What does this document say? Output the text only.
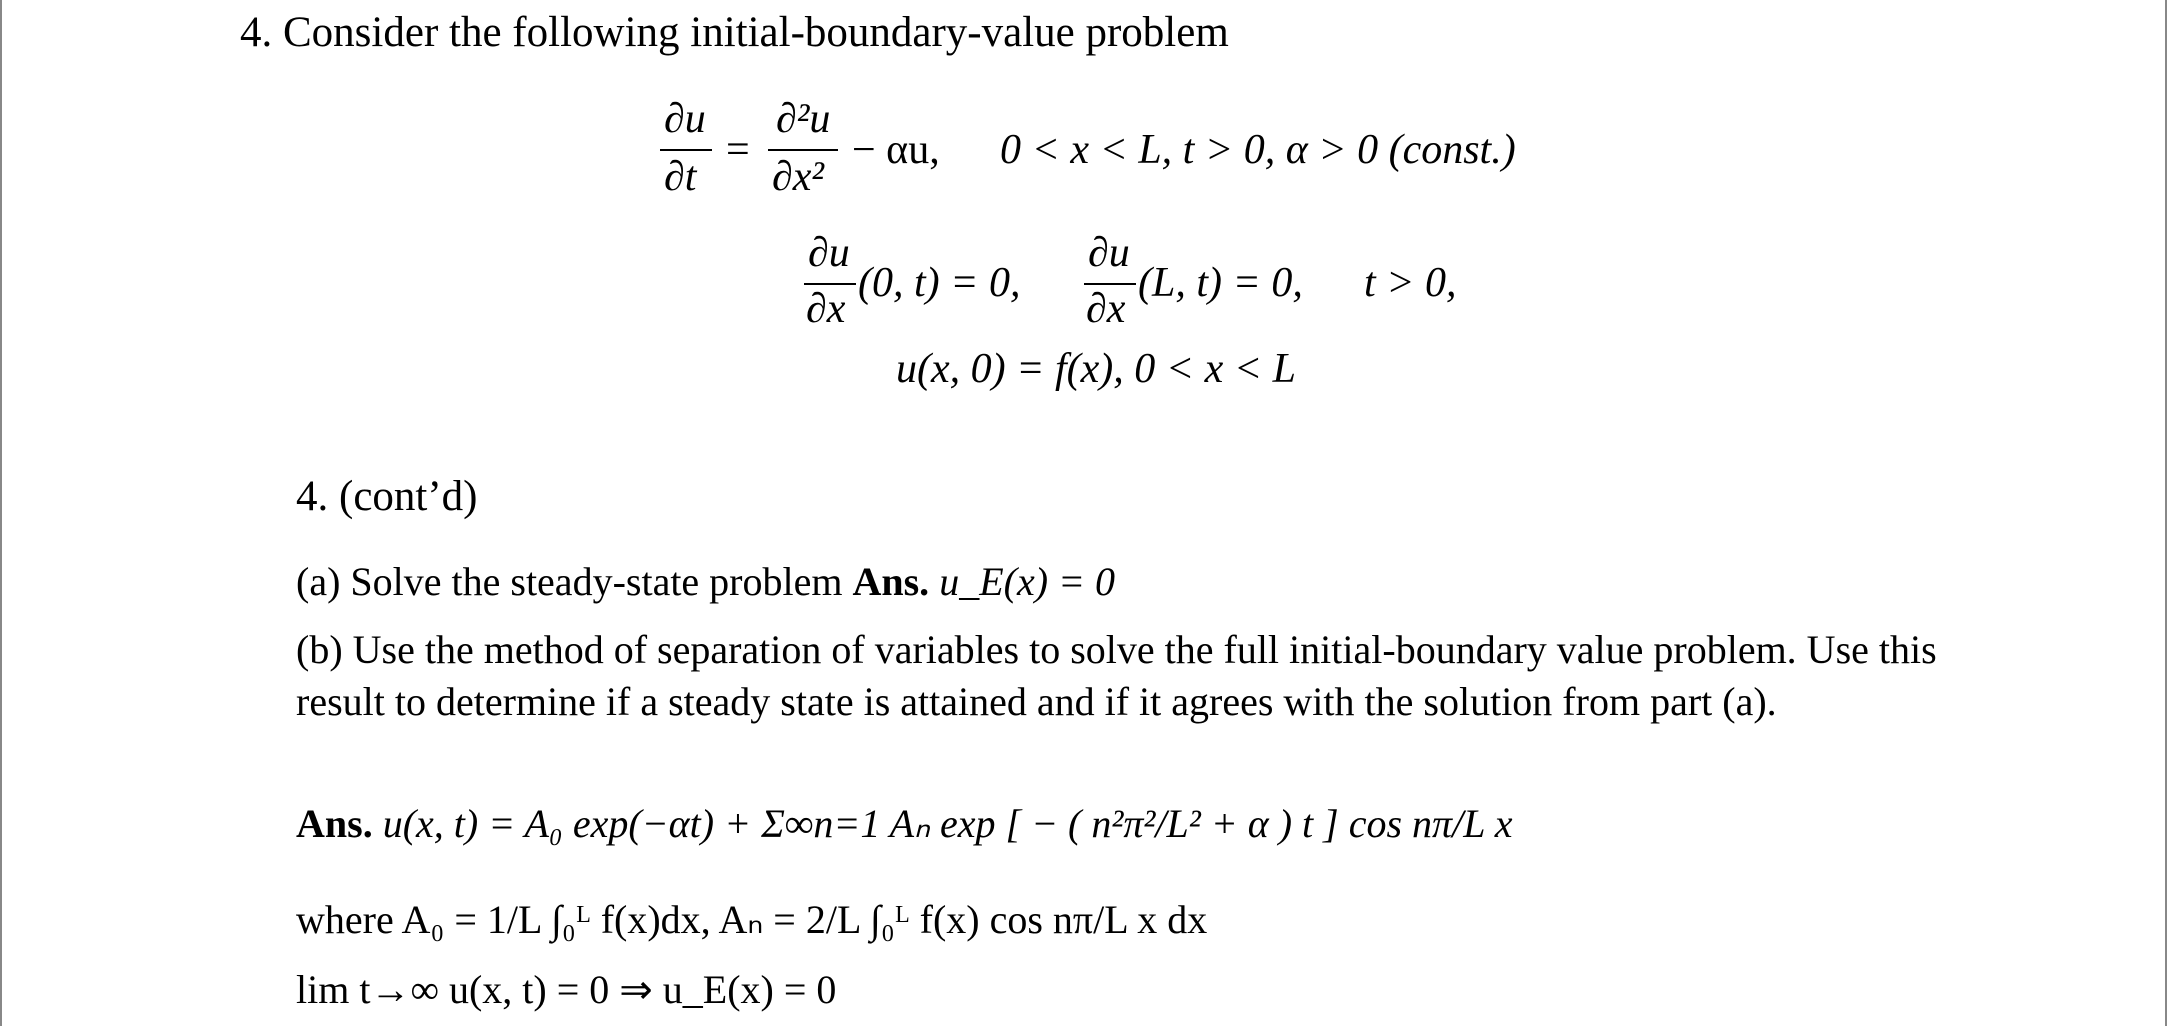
4. Consider the following initial-boundary-value problem
∂u
∂t
=
∂²u
∂x²
− αu, 0 < x < L, t > 0, α > 0 (const.)
∂u
∂x
(0, t) = 0,
∂u
∂x
(L, t) = 0, t > 0,
u(x, 0) = f(x), 0 < x < L
4. (cont’d)
(a) Solve the steady-state problem Ans. u_E(x) = 0
(b) Use the method of separation of variables to solve the full initial-boundary value problem. Use this result to determine if a steady state is attained and if it agrees with the solution from part (a).
Ans. u(x, t) = A₀ exp(−αt) + Σ∞n=1 Aₙ exp [ − ( n²π²/L² + α ) t ] cos nπ/L x
where A₀ = 1/L ∫₀ᴸ f(x)dx, Aₙ = 2/L ∫₀ᴸ f(x) cos nπ/L x dx
lim t→∞ u(x, t) = 0 ⇒ u_E(x) = 0
